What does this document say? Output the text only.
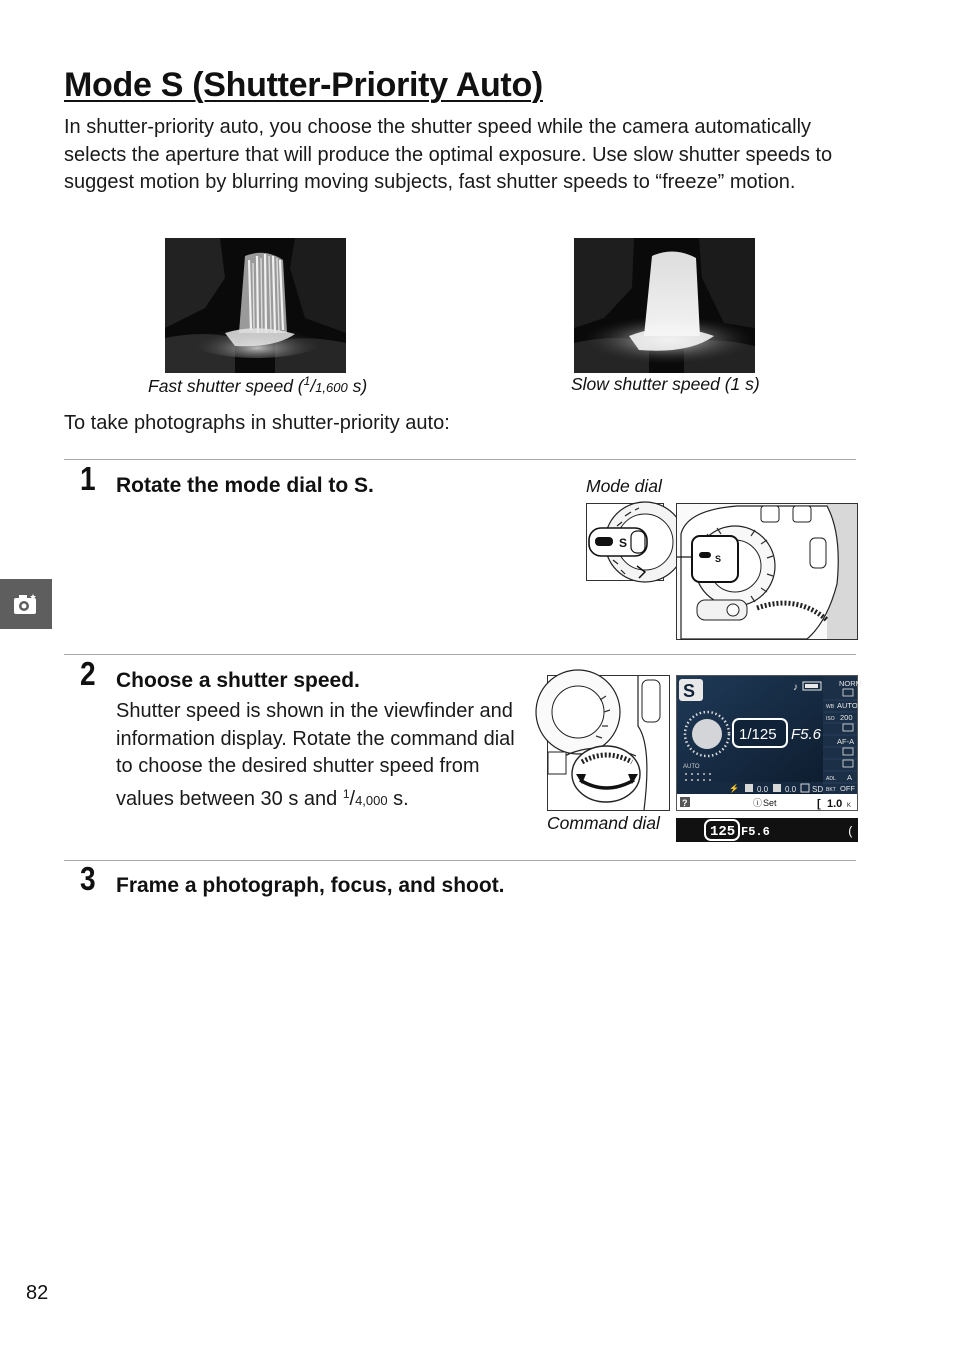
Mode S (Shutter-Priority Auto)

In shutter-priority auto, you choose the shutter speed while the camera automatically selects the aperture that will produce the optimal exposure. Use slow shutter speeds to suggest motion by blurring moving subjects, fast shutter speeds to “freeze” motion.

Fast shutter speed ($^1$/1,600 s)	Slow shutter speed (1 s)

To take photographs in shutter-priority auto:

1 Rotate the mode dial to S.	Mode dial
S
S
2 Choose a shutter speed.

Shutter speed is shown in the viewfinder and information display. Rotate the command dial to choose the desired shutter speed from values between 30 s and $^1$/4,000 s.

Command dial
S	♪
1/125 F5.6
AUTO
⚡ 0.0 0.0 SD
?	ⓘ Set	[ 1.0 K
NORM
WB AUTO
ISO 200
AF-A
ADL A
BKT OFF
125 F5.6	(
3 Frame a photograph, focus, and shoot.
82
